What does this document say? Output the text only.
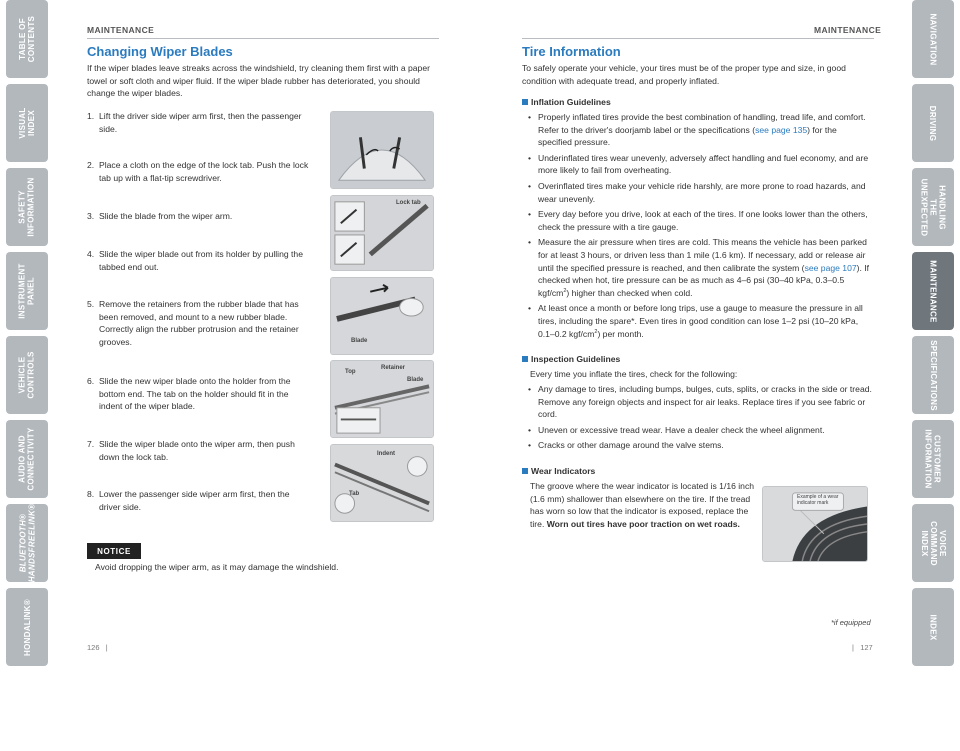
TABLE OF
CONTENTS
VISUAL INDEX
SAFETY
INFORMATION
INSTRUMENT
PANEL
VEHICLE
CONTROLS
AUDIO AND
CONNECTIVITY
BLUETOOTH®
HANDSFREELINK®
HONDALINK®
NAVIGATION
DRIVING
HANDLING THE
UNEXPECTED
MAINTENANCE
SPECIFICATIONS
CUSTOMER
INFORMATION
VOICE
COMMAND INDEX
INDEX
MAINTENANCE	MAINTENANCE
Changing Wiper Blades
If the wiper blades leave streaks across the windshield, try cleaning them first with a paper towel or soft cloth and wiper fluid. If the wiper blade rubber has deteriorated, you should change the wiper blades.
1. Lift the driver side wiper arm first, then the passenger side.
2. Place a cloth on the edge of the lock tab. Push the lock tab up with a flat-tip screwdriver.
3. Slide the blade from the wiper arm.
4. Slide the wiper blade out from its holder by pulling the tabbed end out.
5. Remove the retainers from the rubber blade that has been removed, and mount to a new rubber blade. Correctly align the rubber protrusion and the retainer grooves.
6. Slide the new wiper blade onto the holder from the bottom end. The tab on the holder should fit in the indent of the wiper blade.
7. Slide the wiper blade onto the wiper arm, then push down the lock tab.
8. Lower the passenger side wiper arm first, then the driver side.
Lock tab
Blade
Top
Retainer
Blade
Indent
Tab
NOTICE
Avoid dropping the wiper arm, as it may damage the windshield.
126 |
Tire Information
To safely operate your vehicle, your tires must be of the proper type and size, in good condition with adequate tread, and properly inflated.
Inflation Guidelines
• Properly inflated tires provide the best combination of handling, tread life, and comfort. Refer to the driver's doorjamb label or the specifications (see page 135) for the specified pressure.
• Underinflated tires wear unevenly, adversely affect handling and fuel economy, and are more likely to fail from overheating.
• Overinflated tires make your vehicle ride harshly, are more prone to road hazards, and wear unevenly.
• Every day before you drive, look at each of the tires. If one looks lower than the others, check the pressure with a tire gauge.
• Measure the air pressure when tires are cold. This means the vehicle has been parked for at least 3 hours, or driven less than 1 mile (1.6 km). If necessary, add or release air until the specified pressure is reached, and then calibrate the system (see page 107). If checked when hot, tire pressure can be as much as 4–6 psi (30–40 kPa, 0.3–0.5 kgf/$cm^2$) higher than checked when cold.
• At least once a month or before long trips, use a gauge to measure the pressure in all tires, including the spare*. Even tires in good condition can lose 1–2 psi (10–20 kPa, 0.1–0.2 kgf/$cm^2$) per month.
Inspection Guidelines
Every time you inflate the tires, check for the following:
• Any damage to tires, including bumps, bulges, cuts, splits, or cracks in the side or tread. Remove any foreign objects and inspect for air leaks. Replace tires if you see fabric or cord.
• Uneven or excessive tread wear. Have a dealer check the wheel alignment.
• Cracks or other damage around the valve stems.
Wear Indicators
The groove where the wear indicator is located is 1/16 inch (1.6 mm) shallower than elsewhere on the tire. If the tread has worn so low that the indicator is exposed, replace the tire. Worn out tires have poor traction on wet roads.
Example of a wear indicator mark
*if equipped
| 127
